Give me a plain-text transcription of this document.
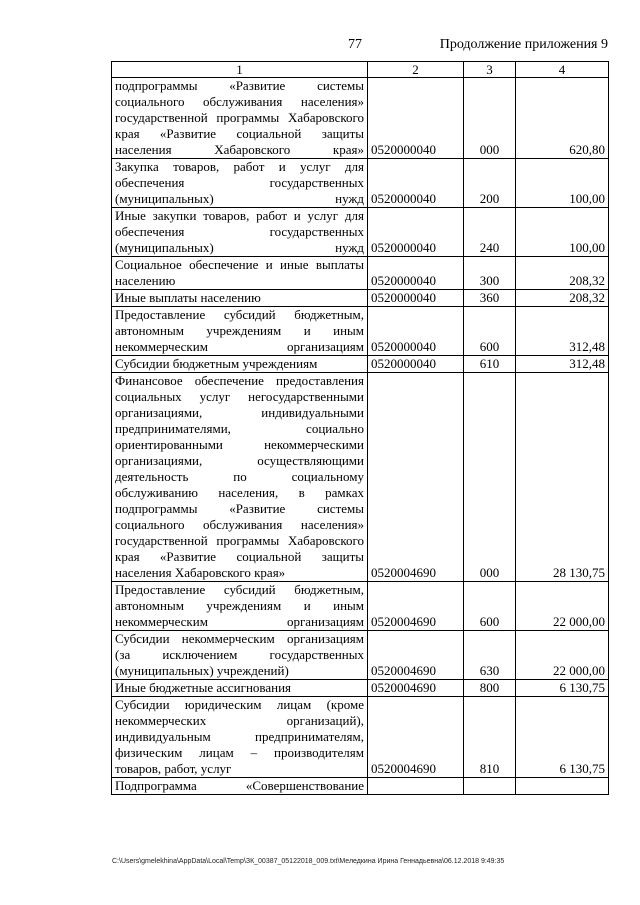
77	Продолжение приложения 9
1	2	3	4
подпрограммы «Развитие системы социального обслуживания населения» государственной программы Хабаровского края «Развитие социальной защиты населения Хабаровского края»	0520000040	000	620,80
Закупка товаров, работ и услуг для обеспечения государственных (муниципальных) нужд	0520000040	200	100,00
Иные закупки товаров, работ и услуг для обеспечения государственных (муниципальных) нужд	0520000040	240	100,00
Социальное обеспечение и иные выплаты населению	0520000040	300	208,32
Иные выплаты населению	0520000040	360	208,32
Предоставление субсидий бюджетным, автономным учреждениям и иным некоммерческим организациям	0520000040	600	312,48
Субсидии бюджетным учреждениям	0520000040	610	312,48
Финансовое обеспечение предоставления социальных услуг негосударственными организациями, индивидуальными предпринимателями, социально ориентированными некоммерческими организациями, осуществляющими деятельность по социальному обслуживанию населения, в рамках подпрограммы «Развитие системы социального обслуживания населения» государственной программы Хабаровского края «Развитие социальной защиты населения Хабаровского края»	0520004690	000	28 130,75
Предоставление субсидий бюджетным, автономным учреждениям и иным некоммерческим организациям	0520004690	600	22 000,00
Субсидии некоммерческим организациям (за исключением государственных (муниципальных) учреждений)	0520004690	630	22 000,00
Иные бюджетные ассигнования	0520004690	800	6 130,75
Субсидии юридическим лицам (кроме некоммерческих организаций), индивидуальным предпринимателям, физическим лицам – производителям товаров, работ, услуг	0520004690	810	6 130,75
Подпрограмма «Совершенствование			
C:\Users\gmelekhina\AppData\Local\Temp\ЗК_00387_05122018_009.txt\Меледкина Ирина Геннадьевна\06.12.2018 9:49:35
